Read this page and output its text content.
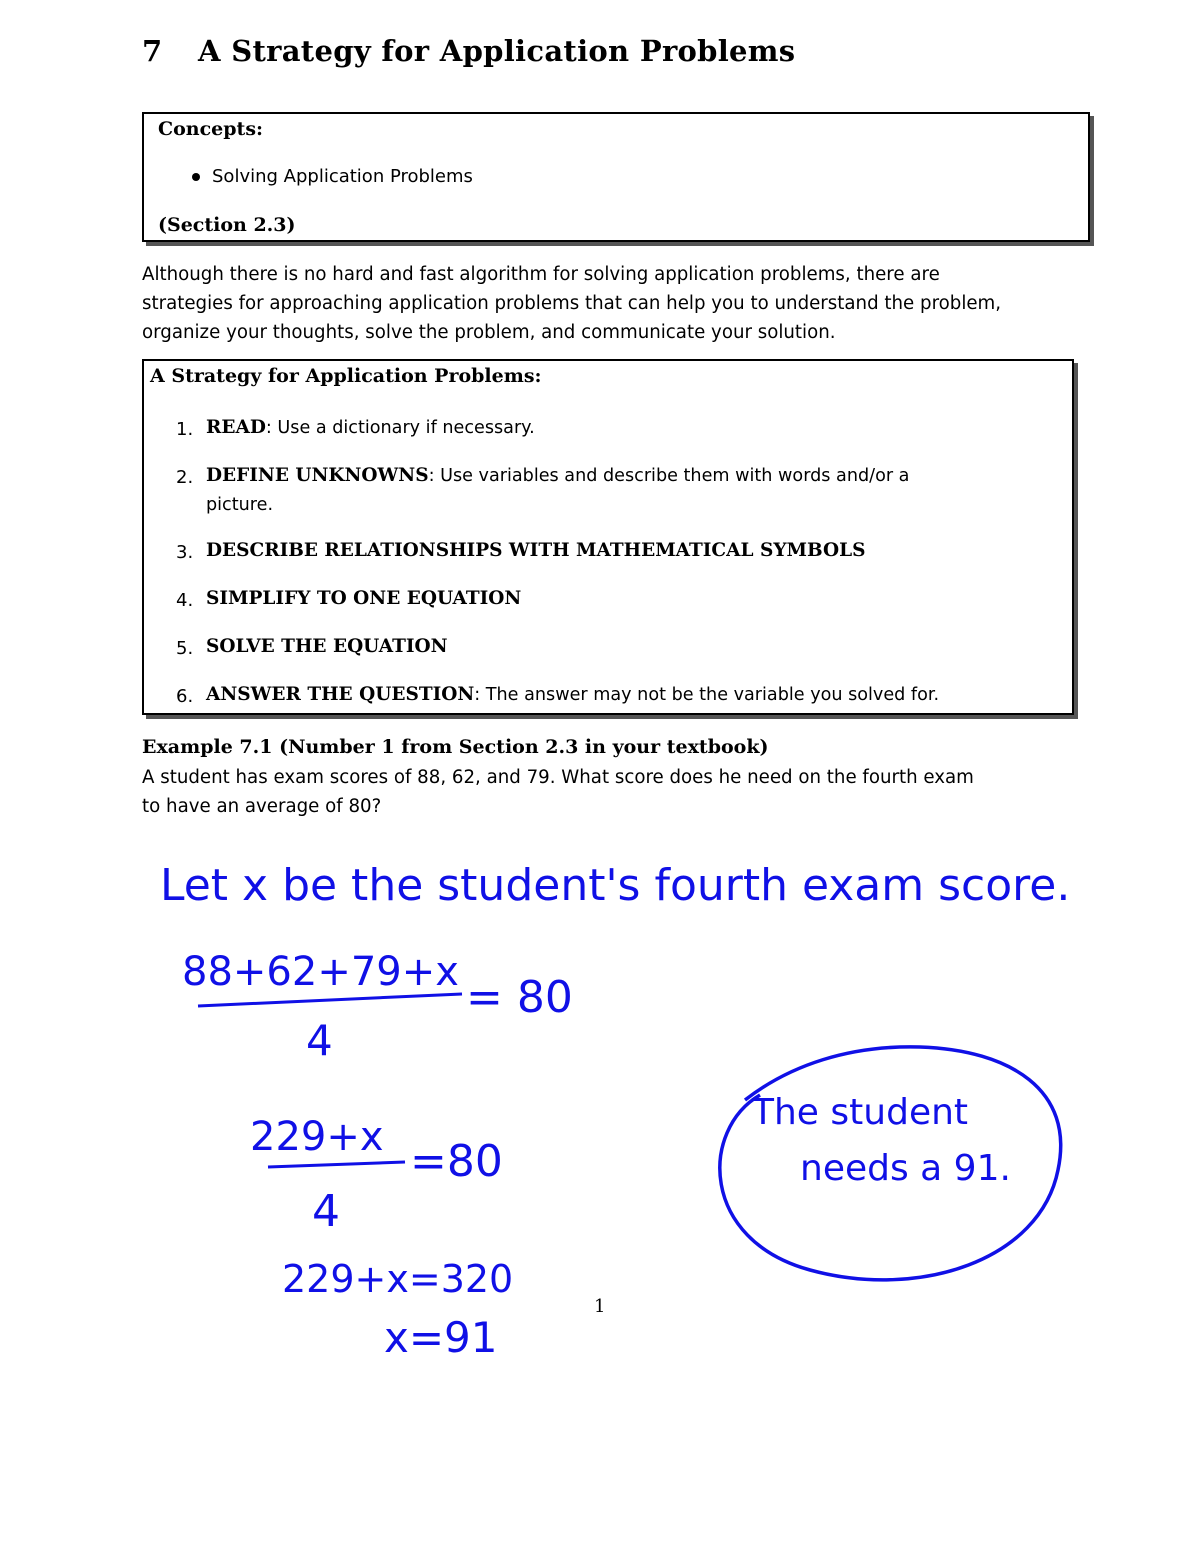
7 A Strategy for Application Problems
Concepts:
Solving Application Problems
(Section 2.3)
Although there is no hard and fast algorithm for solving application problems, there are
strategies for approaching application problems that can help you to understand the problem,
organize your thoughts, solve the problem, and communicate your solution.
A Strategy for Application Problems:
1. READ: Use a dictionary if necessary.
2. DEFINE UNKNOWNS: Use variables and describe them with words and/or a
picture.
3. DESCRIBE RELATIONSHIPS WITH MATHEMATICAL SYMBOLS
4. SIMPLIFY TO ONE EQUATION
5. SOLVE THE EQUATION
6. ANSWER THE QUESTION: The answer may not be the variable you solved for.
Example 7.1 (Number 1 from Section 2.3 in your textbook)
A student has exam scores of 88, 62, and 79. What score does he need on the fourth exam
to have an average of 80?
Let x be the student's fourth exam score.
88+62+79+x
4
= 80
229+x
4
=80
229+x=320
x=91
The student
needs a 91.
1
